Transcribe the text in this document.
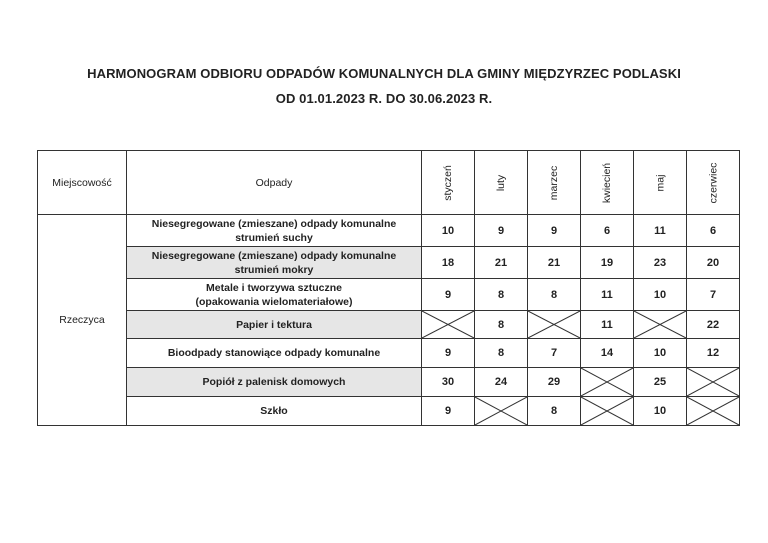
HARMONOGRAM ODBIORU ODPADÓW KOMUNALNYCH DLA GMINY MIĘDZYRZEC PODLASKI
OD 01.01.2023 R. DO 30.06.2023 R.
Miejscowość	Odpady	styczeń	luty	marzec	kwiecień	maj	czerwiec
Rzeczyca	Niesegregowane (zmieszane) odpady komunalne
strumień suchy	10	9	9	6	11	6

	Niesegregowane (zmieszane) odpady komunalne
strumień mokry	18	21	21	19	23	20

	Metale i tworzywa sztuczne
(opakowania wielomateriałowe)	9	8	8	11	10	7

	Papier i tektura		8		11		22

	Bioodpady stanowiące odpady komunalne	9	8	7	14	10	12

	Popiół z palenisk domowych	30	24	29		25	

	Szkło	9		8		10	
